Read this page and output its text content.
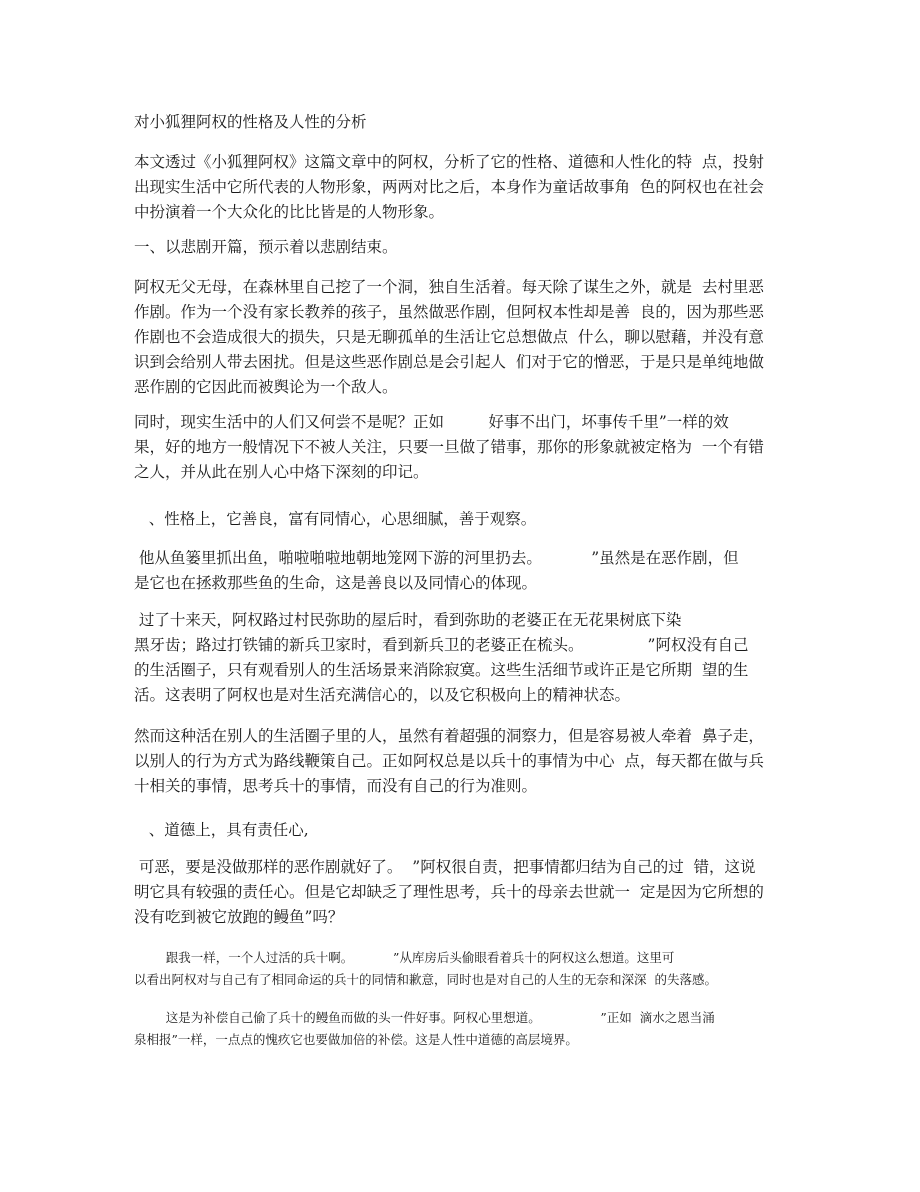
对小狐狸阿权的性格及人性的分析
本文透过《小狐狸阿权》这篇文章中的阿权，分析了它的性格、道德和人性化的特  点，投射
出现实生活中它所代表的人物形象，两两对比之后，本身作为童话故事角  色的阿权也在社会
中扮演着一个大众化的比比皆是的人物形象。
一、以悲剧开篇，预示着以悲剧结束。
阿权无父无母，在森林里自己挖了一个洞，独自生活着。每天除了谋生之外，就是  去村里恶
作剧。作为一个没有家长教养的孩子，虽然做恶作剧，但阿权本性却是善  良的，因为那些恶
作剧也不会造成很大的损失，只是无聊孤单的生活让它总想做点  什么，聊以慰藉，并没有意
识到会给别人带去困扰。但是这些恶作剧总是会引起人  们对于它的憎恶，于是只是单纯地做
恶作剧的它因此而被舆论为一个敌人。
同时，现实生活中的人们又何尝不是呢？正如         好事不出门，坏事传千里”一样的效
果，好的地方一般情况下不被人关注，只要一旦做了错事，那你的形象就被定格为  一个有错
之人，并从此在别人心中烙下深刻的印记。
、性格上，它善良，富有同情心，心思细腻，善于观察。
他从鱼篓里抓出鱼，啪啦啪啦地朝地笼网下游的河里扔去。          ”虽然是在恶作剧，但
是它也在拯救那些鱼的生命，这是善良以及同情心的体现。
过了十来天，阿权路过村民弥助的屋后时，看到弥助的老婆正在无花果树底下染
黑牙齿；路过打铁铺的新兵卫家时，看到新兵卫的老婆正在梳头。             ”阿权没有自己
的生活圈子，只有观看别人的生活场景来消除寂寞。这些生活细节或许正是它所期  望的生
活。这表明了阿权也是对生活充满信心的，以及它积极向上的精神状态。
然而这种活在别人的生活圈子里的人，虽然有着超强的洞察力，但是容易被人牵着  鼻子走，
以别人的行为方式为路线鞭策自己。正如阿权总是以兵十的事情为中心  点，每天都在做与兵
十相关的事情，思考兵十的事情，而没有自己的行为准则。
、道德上，具有责任心,
可恶，要是没做那样的恶作剧就好了。  ”阿权很自责，把事情都归结为自己的过  错，这说
明它具有较强的责任心。但是它却缺乏了理性思考，兵十的母亲去世就一  定是因为它所想的
没有吃到被它放跑的鳗鱼”吗？
跟我一样，一个人过活的兵十啊。          ”从库房后头偷眼看着兵十的阿权这么想道。这里可
以看出阿权对与自己有了相同命运的兵十的同情和歉意，同时也是对自己的人生的无奈和深深  的失落感。
这是为补偿自己偷了兵十的鳗鱼而做的头一件好事。阿权心里想道。               ”正如  滴水之恩当涌
泉相报”一样，一点点的愧疚它也要做加倍的补偿。这是人性中道德的高层境界。
